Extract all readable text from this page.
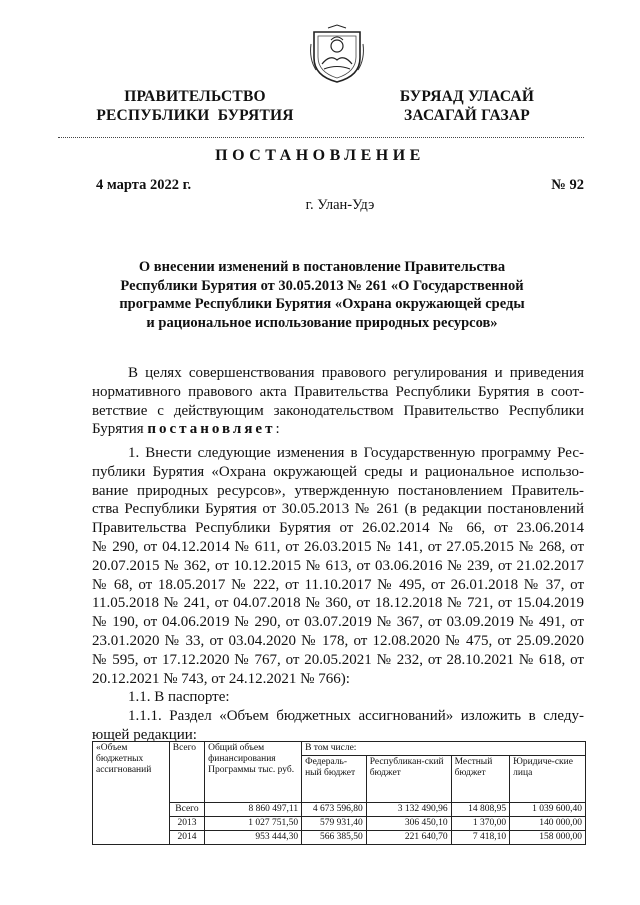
ПРАВИТЕЛЬСТВО
РЕСПУБЛИКИ  БУРЯТИЯ
БУРЯАД УЛАСАЙ
ЗАСАГАЙ ГАЗАР
ПОСТАНОВЛЕНИЕ
4 марта 2022 г.	№ 92
г. Улан-Удэ
О внесении изменений в постановление Правительства
Республики Бурятия от 30.05.2013 № 261 «О Государственной
программе Республики Бурятия «Охрана окружающей среды
и рациональное использование природных ресурсов»
В целях совершенствования правового регулирования и приведения
нормативного правового акта Правительства Республики Бурятия в соот-
ветствие с действующим законодательством Правительство Республики
Бурятия постановляет:
1. Внести следующие изменения в Государственную программу Рес-
публики Бурятия «Охрана окружающей среды и рациональное использо-
вание природных ресурсов», утвержденную постановлением Правитель-
ства Республики Бурятия от 30.05.2013 № 261 (в редакции постановлений
Правительства Республики Бурятия от 26.02.2014 № 66, от 23.06.2014
№ 290, от 04.12.2014 № 611, от 26.03.2015 № 141, от 27.05.2015 № 268, от
20.07.2015 № 362, от 10.12.2015 № 613, от 03.06.2016 № 239, от 21.02.2017
№ 68, от 18.05.2017 № 222, от 11.10.2017 № 495, от 26.01.2018 № 37, от
11.05.2018 № 241, от 04.07.2018 № 360, от 18.12.2018 № 721, от 15.04.2019
№ 190, от 04.06.2019 № 290, от 03.07.2019 № 367, от 03.09.2019 № 491, от
23.01.2020 № 33, от 03.04.2020 № 178, от 12.08.2020 № 475, от 25.09.2020
№ 595, от 17.12.2020 № 767, от 20.05.2021 № 232, от 28.10.2021 № 618, от
20.12.2021 № 743, от 24.12.2021 № 766):
1.1. В паспорте:
1.1.1. Раздел «Объем бюджетных ассигнований» изложить в следу-
ющей редакции:
«Объем бюджетных ассигнований	Всего	Общий объем финансирования Программы тыс. руб.	В том числе:			
			Федераль-ный бюджет	Республикан-ский бюджет	Местный бюджет	Юридиче-ские лица
	Всего	8 860 497,11	4 673 596,80	3 132 490,96	14 808,95	1 039 600,40
	2013	1 027 751,50	579 931,40	306 450,10	1 370,00	140 000,00
	2014	953 444,30	566 385,50	221 640,70	7 418,10	158 000,00
